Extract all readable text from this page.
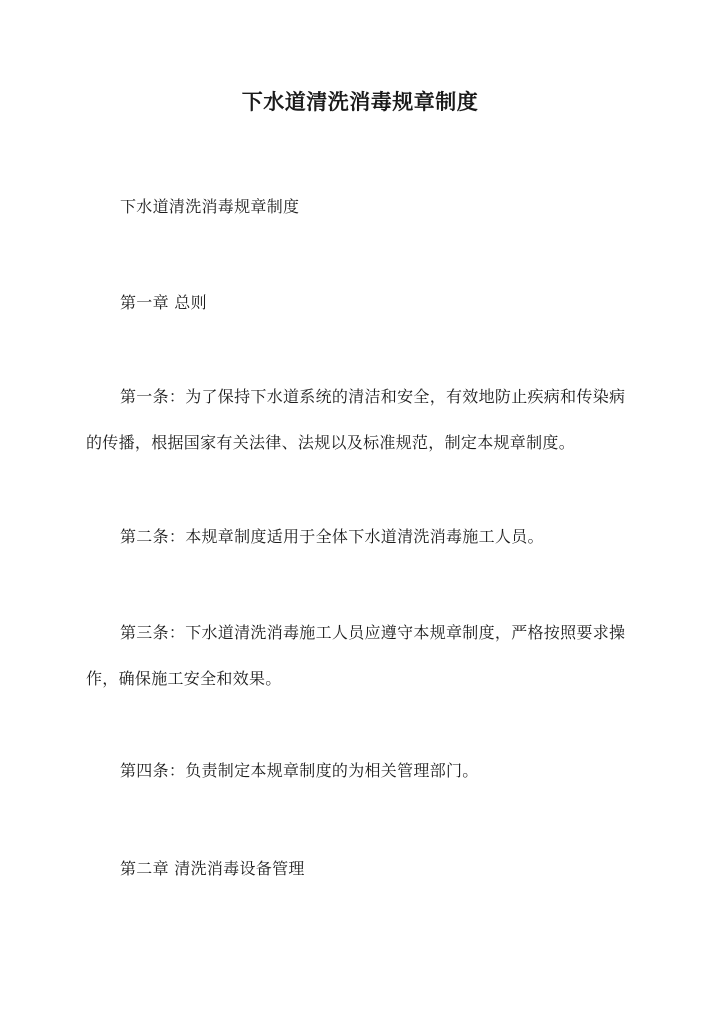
下水道清洗消毒规章制度

下水道清洗消毒规章制度

第一章 总则

第一条：为了保持下水道系统的清洁和安全，有效地防止疾病和传染病的传播，根据国家有关法律、法规以及标准规范，制定本规章制度。

第二条：本规章制度适用于全体下水道清洗消毒施工人员。

第三条：下水道清洗消毒施工人员应遵守本规章制度，严格按照要求操作，确保施工安全和效果。

第四条：负责制定本规章制度的为相关管理部门。

第二章 清洗消毒设备管理
